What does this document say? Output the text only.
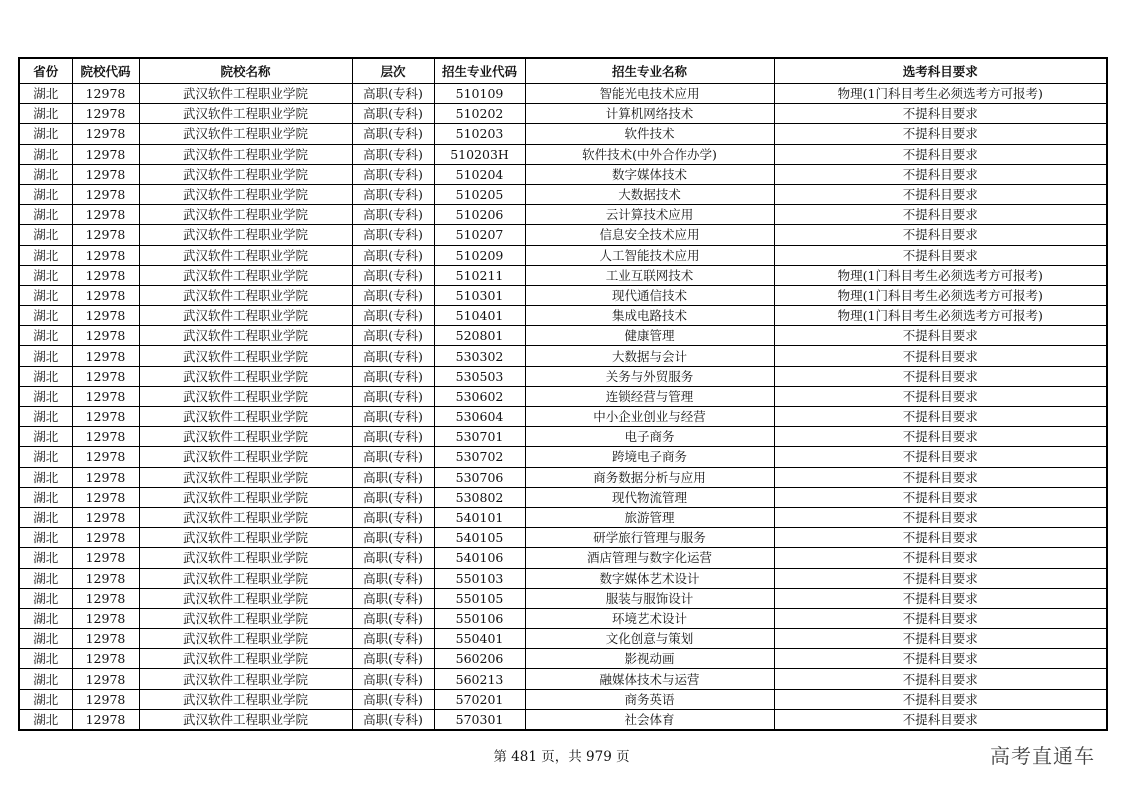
省份	院校代码	院校名称	层次	招生专业代码	招生专业名称	选考科目要求
湖北	12978	武汉软件工程职业学院	高职(专科)	510109	智能光电技术应用	物理(1门科目考生必须选考方可报考)
湖北	12978	武汉软件工程职业学院	高职(专科)	510202	计算机网络技术	不提科目要求
湖北	12978	武汉软件工程职业学院	高职(专科)	510203	软件技术	不提科目要求
湖北	12978	武汉软件工程职业学院	高职(专科)	510203H	软件技术(中外合作办学)	不提科目要求
湖北	12978	武汉软件工程职业学院	高职(专科)	510204	数字媒体技术	不提科目要求
湖北	12978	武汉软件工程职业学院	高职(专科)	510205	大数据技术	不提科目要求
湖北	12978	武汉软件工程职业学院	高职(专科)	510206	云计算技术应用	不提科目要求
湖北	12978	武汉软件工程职业学院	高职(专科)	510207	信息安全技术应用	不提科目要求
湖北	12978	武汉软件工程职业学院	高职(专科)	510209	人工智能技术应用	不提科目要求
湖北	12978	武汉软件工程职业学院	高职(专科)	510211	工业互联网技术	物理(1门科目考生必须选考方可报考)
湖北	12978	武汉软件工程职业学院	高职(专科)	510301	现代通信技术	物理(1门科目考生必须选考方可报考)
湖北	12978	武汉软件工程职业学院	高职(专科)	510401	集成电路技术	物理(1门科目考生必须选考方可报考)
湖北	12978	武汉软件工程职业学院	高职(专科)	520801	健康管理	不提科目要求
湖北	12978	武汉软件工程职业学院	高职(专科)	530302	大数据与会计	不提科目要求
湖北	12978	武汉软件工程职业学院	高职(专科)	530503	关务与外贸服务	不提科目要求
湖北	12978	武汉软件工程职业学院	高职(专科)	530602	连锁经营与管理	不提科目要求
湖北	12978	武汉软件工程职业学院	高职(专科)	530604	中小企业创业与经营	不提科目要求
湖北	12978	武汉软件工程职业学院	高职(专科)	530701	电子商务	不提科目要求
湖北	12978	武汉软件工程职业学院	高职(专科)	530702	跨境电子商务	不提科目要求
湖北	12978	武汉软件工程职业学院	高职(专科)	530706	商务数据分析与应用	不提科目要求
湖北	12978	武汉软件工程职业学院	高职(专科)	530802	现代物流管理	不提科目要求
湖北	12978	武汉软件工程职业学院	高职(专科)	540101	旅游管理	不提科目要求
湖北	12978	武汉软件工程职业学院	高职(专科)	540105	研学旅行管理与服务	不提科目要求
湖北	12978	武汉软件工程职业学院	高职(专科)	540106	酒店管理与数字化运营	不提科目要求
湖北	12978	武汉软件工程职业学院	高职(专科)	550103	数字媒体艺术设计	不提科目要求
湖北	12978	武汉软件工程职业学院	高职(专科)	550105	服装与服饰设计	不提科目要求
湖北	12978	武汉软件工程职业学院	高职(专科)	550106	环境艺术设计	不提科目要求
湖北	12978	武汉软件工程职业学院	高职(专科)	550401	文化创意与策划	不提科目要求
湖北	12978	武汉软件工程职业学院	高职(专科)	560206	影视动画	不提科目要求
湖北	12978	武汉软件工程职业学院	高职(专科)	560213	融媒体技术与运营	不提科目要求
湖北	12978	武汉软件工程职业学院	高职(专科)	570201	商务英语	不提科目要求
湖北	12978	武汉软件工程职业学院	高职(专科)	570301	社会体育	不提科目要求
第 481 页，共 979 页	高考直通车
